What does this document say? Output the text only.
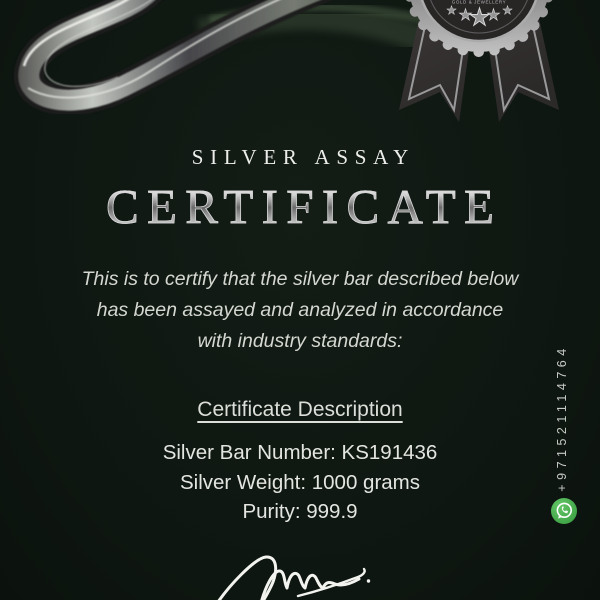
GOLD & JEWELLERY
SILVER ASSAY
CERTIFICATE
This is to certify that the silver bar described below
has been assayed and analyzed in accordance
with industry standards:
Certificate Description
Silver Bar Number: KS191436
Silver Weight: 1000 grams
Purity: 999.9
+971521114764
